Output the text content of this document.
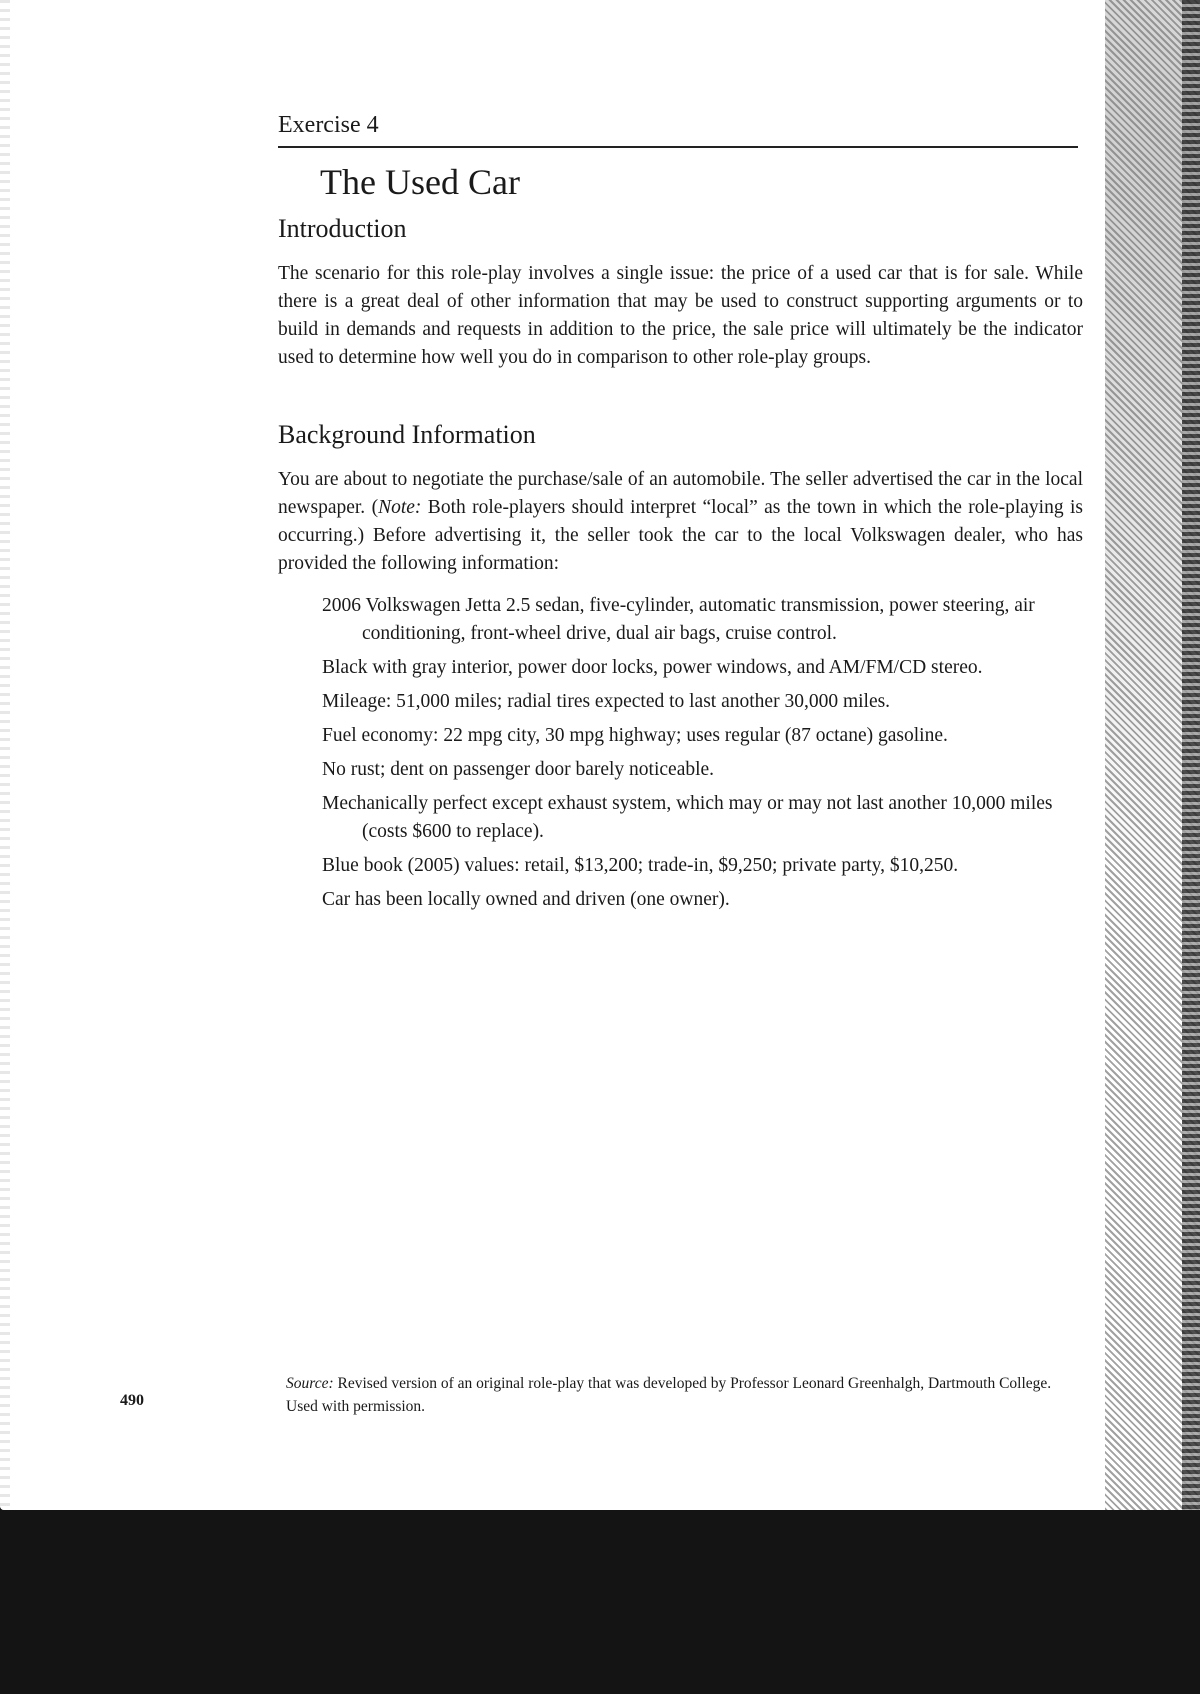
Exercise 4
The Used Car
Introduction

The scenario for this role-play involves a single issue: the price of a used car that is for sale. While there is a great deal of other information that may be used to construct supporting arguments or to build in demands and requests in addition to the price, the sale price will ultimately be the indicator used to determine how well you do in comparison to other role-play groups.

Background Information

You are about to negotiate the purchase/sale of an automobile. The seller advertised the car in the local newspaper. (Note: Both role-players should interpret “local” as the town in which the role-playing is occurring.) Before advertising it, the seller took the car to the local Volkswagen dealer, who has provided the following information:

2006 Volkswagen Jetta 2.5 sedan, five-cylinder, automatic transmission, power steering, air conditioning, front-wheel drive, dual air bags, cruise control.
Black with gray interior, power door locks, power windows, and AM/FM/CD stereo.
Mileage: 51,000 miles; radial tires expected to last another 30,000 miles.
Fuel economy: 22 mpg city, 30 mpg highway; uses regular (87 octane) gasoline.
No rust; dent on passenger door barely noticeable.
Mechanically perfect except exhaust system, which may or may not last another 10,000 miles (costs $600 to replace).
Blue book (2005) values: retail, $13,200; trade-in, $9,250; private party, $10,250.
Car has been locally owned and driven (one owner).
Source: Revised version of an original role-play that was developed by Professor Leonard Greenhalgh, Dartmouth College. Used with permission.
490
